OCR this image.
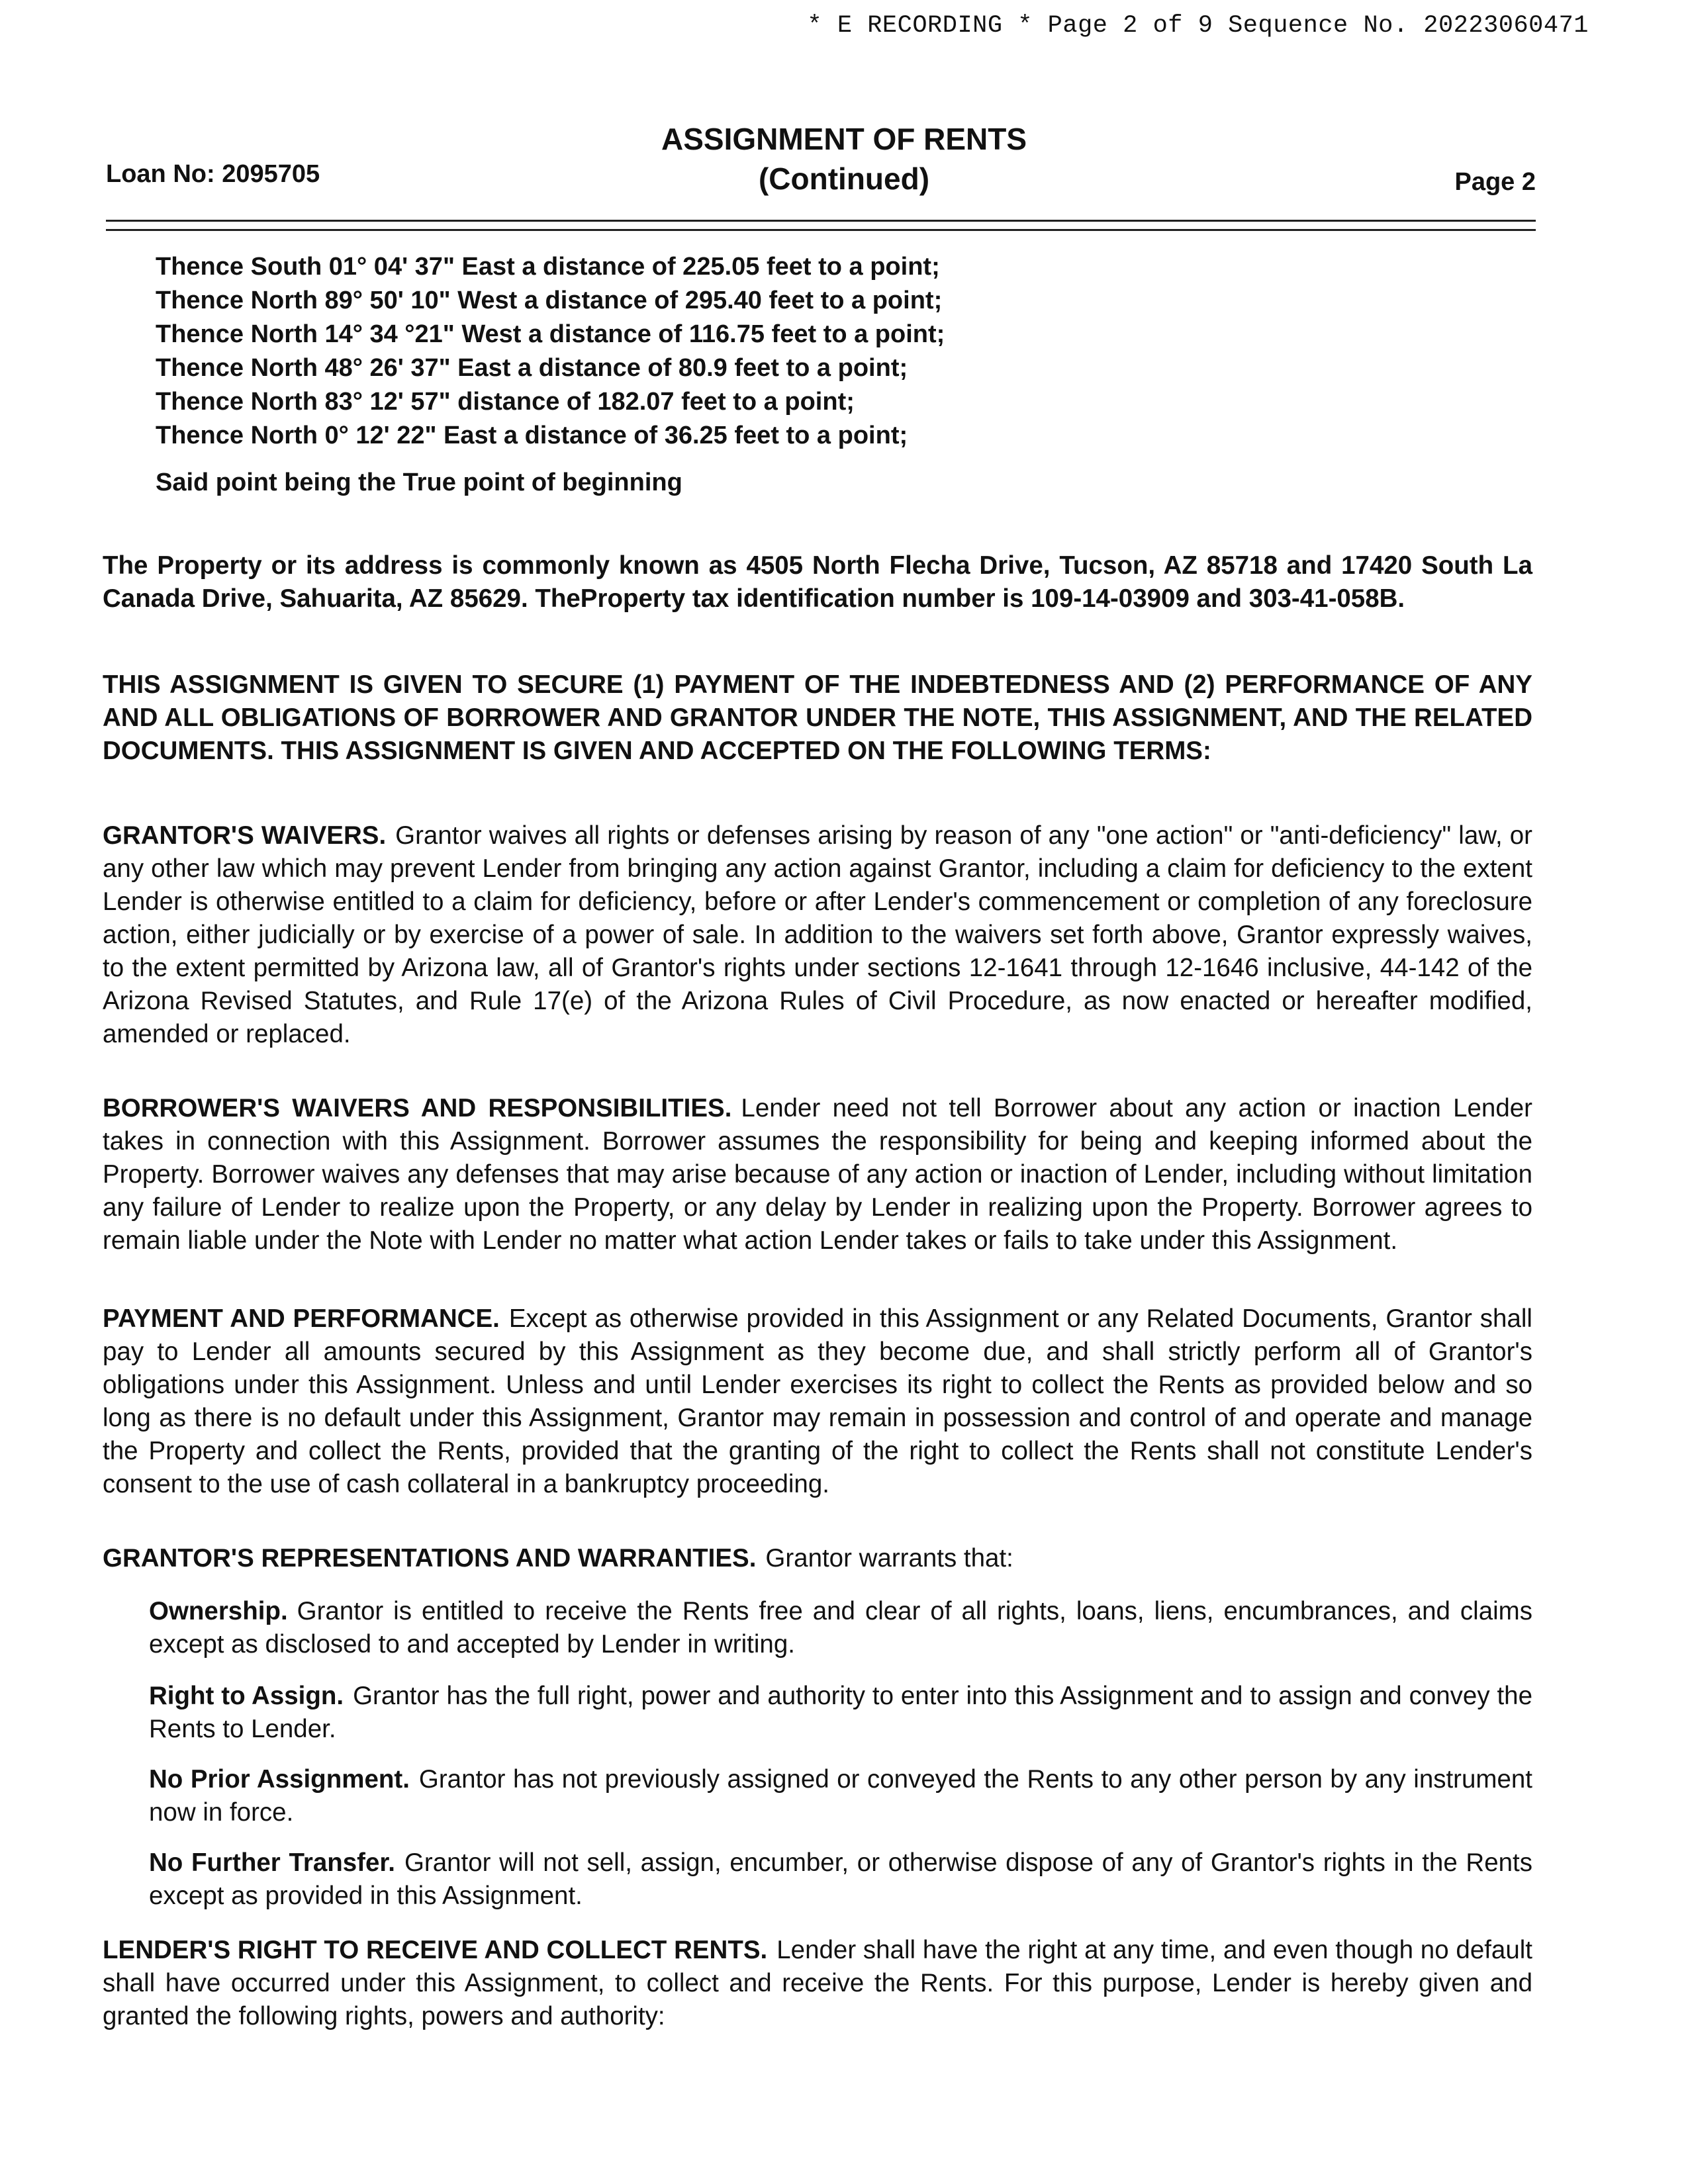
* E RECORDING * Page 2 of 9 Sequence No. 20223060471
ASSIGNMENT OF RENTS
(Continued)
Loan No: 2095705	Page 2
Thence South 01° 04' 37" East a distance of 225.05 feet to a point;
Thence North 89° 50' 10" West a distance of 295.40 feet to a point;
Thence North 14° 34 °21" West a distance of 116.75 feet to a point;
Thence North 48° 26' 37" East a distance of 80.9 feet to a point;
Thence North 83° 12' 57" distance of 182.07 feet to a point;
Thence North 0° 12' 22" East a distance of 36.25 feet to a point;
Said point being the True point of beginning
The Property or its address is commonly known as 4505 North Flecha Drive, Tucson, AZ 85718 and 17420 South La Canada Drive, Sahuarita, AZ 85629. TheProperty tax identification number is 109-14-03909 and 303-41-058B.
THIS ASSIGNMENT IS GIVEN TO SECURE (1) PAYMENT OF THE INDEBTEDNESS AND (2) PERFORMANCE OF ANY AND ALL OBLIGATIONS OF BORROWER AND GRANTOR UNDER THE NOTE, THIS ASSIGNMENT, AND THE RELATED DOCUMENTS. THIS ASSIGNMENT IS GIVEN AND ACCEPTED ON THE FOLLOWING TERMS:
GRANTOR'S WAIVERS. Grantor waives all rights or defenses arising by reason of any "one action" or "anti-deficiency" law, or any other law which may prevent Lender from bringing any action against Grantor, including a claim for deficiency to the extent Lender is otherwise entitled to a claim for deficiency, before or after Lender's commencement or completion of any foreclosure action, either judicially or by exercise of a power of sale. In addition to the waivers set forth above, Grantor expressly waives, to the extent permitted by Arizona law, all of Grantor's rights under sections 12-1641 through 12-1646 inclusive, 44-142 of the Arizona Revised Statutes, and Rule 17(e) of the Arizona Rules of Civil Procedure, as now enacted or hereafter modified, amended or replaced.
BORROWER'S WAIVERS AND RESPONSIBILITIES. Lender need not tell Borrower about any action or inaction Lender takes in connection with this Assignment. Borrower assumes the responsibility for being and keeping informed about the Property. Borrower waives any defenses that may arise because of any action or inaction of Lender, including without limitation any failure of Lender to realize upon the Property, or any delay by Lender in realizing upon the Property. Borrower agrees to remain liable under the Note with Lender no matter what action Lender takes or fails to take under this Assignment.
PAYMENT AND PERFORMANCE. Except as otherwise provided in this Assignment or any Related Documents, Grantor shall pay to Lender all amounts secured by this Assignment as they become due, and shall strictly perform all of Grantor's obligations under this Assignment. Unless and until Lender exercises its right to collect the Rents as provided below and so long as there is no default under this Assignment, Grantor may remain in possession and control of and operate and manage the Property and collect the Rents, provided that the granting of the right to collect the Rents shall not constitute Lender's consent to the use of cash collateral in a bankruptcy proceeding.
GRANTOR'S REPRESENTATIONS AND WARRANTIES. Grantor warrants that:
Ownership. Grantor is entitled to receive the Rents free and clear of all rights, loans, liens, encumbrances, and claims except as disclosed to and accepted by Lender in writing.
Right to Assign. Grantor has the full right, power and authority to enter into this Assignment and to assign and convey the Rents to Lender.
No Prior Assignment. Grantor has not previously assigned or conveyed the Rents to any other person by any instrument now in force.
No Further Transfer. Grantor will not sell, assign, encumber, or otherwise dispose of any of Grantor's rights in the Rents except as provided in this Assignment.
LENDER'S RIGHT TO RECEIVE AND COLLECT RENTS. Lender shall have the right at any time, and even though no default shall have occurred under this Assignment, to collect and receive the Rents. For this purpose, Lender is hereby given and granted the following rights, powers and authority:
